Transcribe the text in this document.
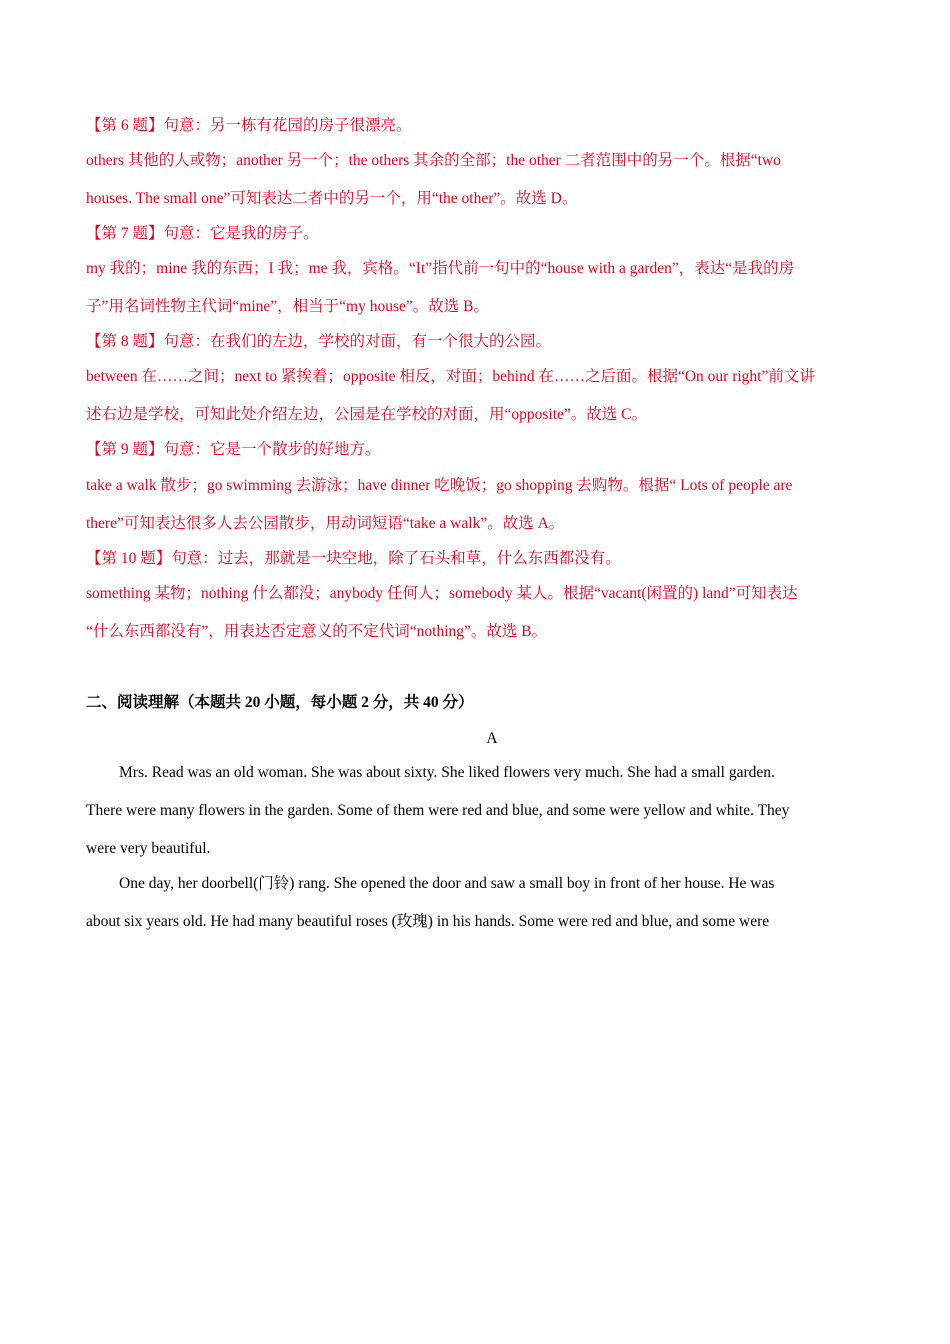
【第 6 题】句意：另一栋有花园的房子很漂亮。
others 其他的人或物；another 另一个；the others 其余的全部；the other 二者范围中的另一个。根据“two
houses. The small one”可知表达二者中的另一个，用“the other”。故选 D。
【第 7 题】句意：它是我的房子。
my 我的；mine 我的东西；I 我；me 我，宾格。“It”指代前一句中的“house with a garden”，表达“是我的房
子”用名词性物主代词“mine”，相当于“my house”。故选 B。
【第 8 题】句意：在我们的左边，学校的对面，有一个很大的公园。
between 在……之间；next to 紧挨着；opposite 相反，对面；behind 在……之后面。根据“On our right”前文讲
述右边是学校，可知此处介绍左边，公园是在学校的对面，用“opposite”。故选 C。
【第 9 题】句意：它是一个散步的好地方。
take a walk 散步；go swimming 去游泳；have dinner 吃晚饭；go shopping 去购物。根据“ Lots of people are
there”可知表达很多人去公园散步，用动词短语“take a walk”。故选 A。
【第 10 题】句意：过去，那就是一块空地，除了石头和草，什么东西都没有。
something 某物；nothing 什么都没；anybody 任何人；somebody 某人。根据“vacant(闲置的) land”可知表达
“什么东西都没有”，用表达否定意义的不定代词“nothing”。故选 B。
二、阅读理解（本题共 20 小题，每小题 2 分，共 40 分）
A
Mrs. Read was an old woman. She was about sixty. She liked flowers very much. She had a small garden.
There were many flowers in the garden. Some of them were red and blue, and some were yellow and white. They
were very beautiful.
One day, her doorbell(门铃) rang. She opened the door and saw a small boy in front of her house. He was
about six years old. He had many beautiful roses (玫瑰) in his hands. Some were red and blue, and some were
